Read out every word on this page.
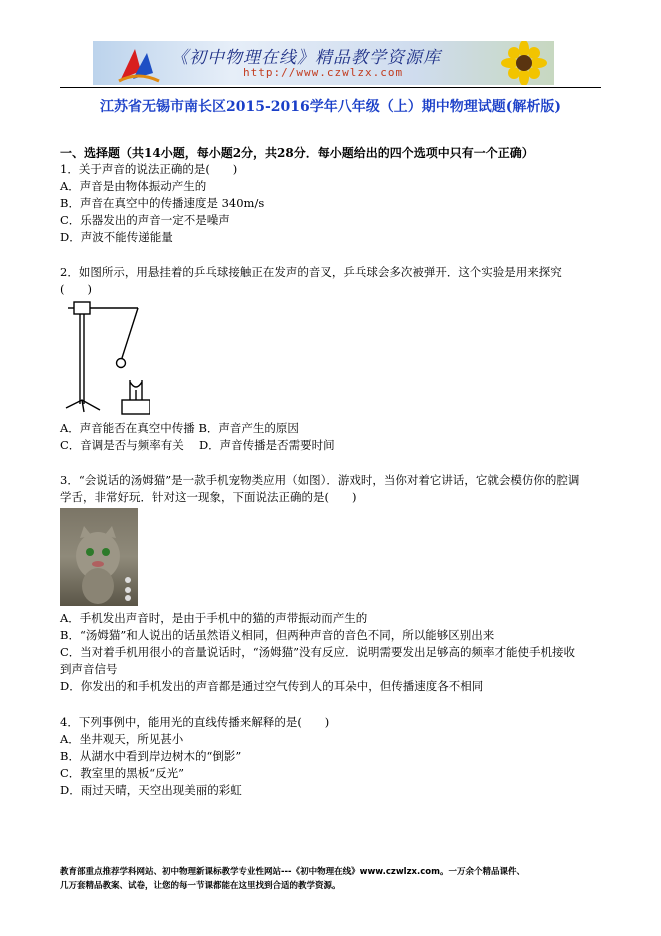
《初中物理在线》精品教学资源库
http://www.czwlzx.com
江苏省无锡市南长区2015-2016学年八年级（上）期中物理试题(解析版)
一、选择题（共14小题，每小题2分，共28分．每小题给出的四个选项中只有一个正确）
1．关于声音的说法正确的是(　　)
A．声音是由物体振动产生的
B．声音在真空中的传播速度是 340m/s
C．乐器发出的声音一定不是噪声
D．声波不能传递能量
2．如图所示，用悬挂着的乒乓球接触正在发声的音叉，乒乓球会多次被弹开．这个实验是用来探究
(　　)
A．声音能否在真空中传播 B．声音产生的原因
C．音调是否与频率有关　 D．声音传播是否需要时间
3．“会说话的汤姆猫”是一款手机宠物类应用（如图）．游戏时，当你对着它讲话，它就会模仿你的腔调
学舌，非常好玩．针对这一现象，下面说法正确的是(　　)
A．手机发出声音时，是由于手机中的猫的声带振动而产生的
B．“汤姆猫”和人说出的话虽然语义相同，但两种声音的音色不同，所以能够区别出来
C．当对着手机用很小的音量说话时，“汤姆猫”没有反应．说明需要发出足够高的频率才能使手机接收
到声音信号
D．你发出的和手机发出的声音都是通过空气传到人的耳朵中，但传播速度各不相同
4．下列事例中，能用光的直线传播来解释的是(　　)
A．坐井观天，所见甚小
B．从湖水中看到岸边树木的“倒影”
C．教室里的黑板“反光”
D．雨过天晴，天空出现美丽的彩虹
教育部重点推荐学科网站、初中物理新课标教学专业性网站---《初中物理在线》www.czwlzx.com。一万余个精品课件、
几万套精品教案、试卷，让您的每一节课都能在这里找到合适的教学资源。
